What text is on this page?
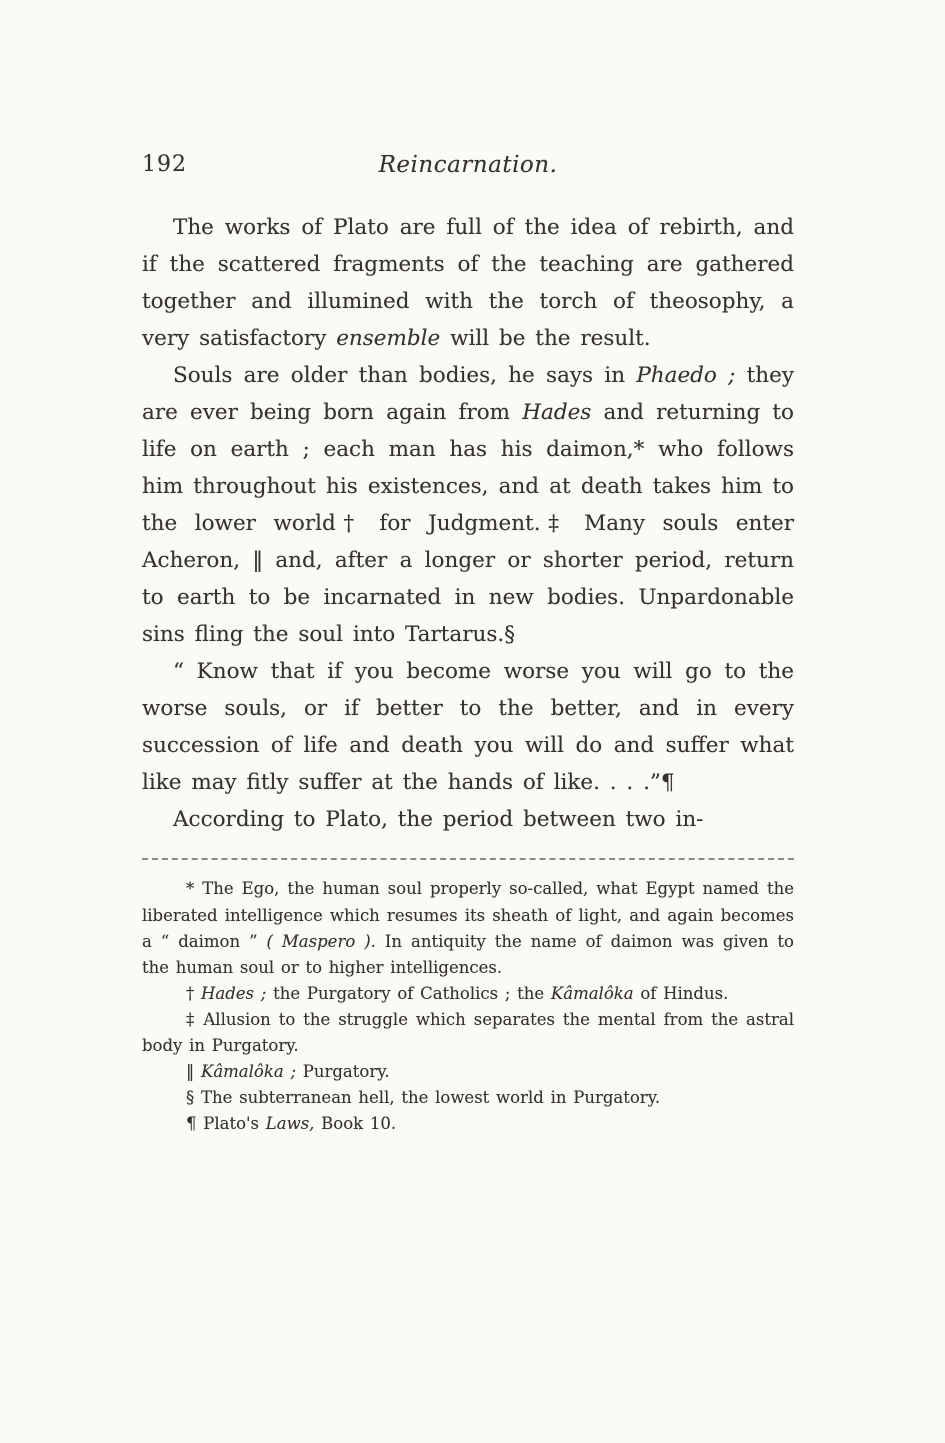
192	Reincarnation.

The works of Plato are full of the idea of rebirth, and if the scattered fragments of the teaching are gathered together and illumined with the torch of theosophy, a very satisfactory ensemble will be the result.

Souls are older than bodies, he says in Phaedo ; they are ever being born again from Hades and returning to life on earth ; each man has his daimon,* who follows him throughout his existences, and at death takes him to the lower world† for Judgment.‡ Many souls enter Acheron, ‖ and, after a longer or shorter period, return to earth to be incarnated in new bodies. Unpardonable sins fling the soul into Tartarus.§

“ Know that if you become worse you will go to the worse souls, or if better to the better, and in every succession of life and death you will do and suffer what like may fitly suffer at the hands of like. . . .”¶

According to Plato, the period between two in-

* The Ego, the human soul properly so-called, what Egypt named the liberated intelligence which resumes its sheath of light, and again becomes a “ daimon ” ( Maspero ). In antiquity the name of daimon was given to the human soul or to higher intelligences.

† Hades ; the Purgatory of Catholics ; the Kâmalôka of Hindus.

‡ Allusion to the struggle which separates the mental from the astral body in Purgatory.

‖ Kâmalôka ; Purgatory.

§ The subterranean hell, the lowest world in Purgatory.

¶ Plato's Laws, Book 10.
